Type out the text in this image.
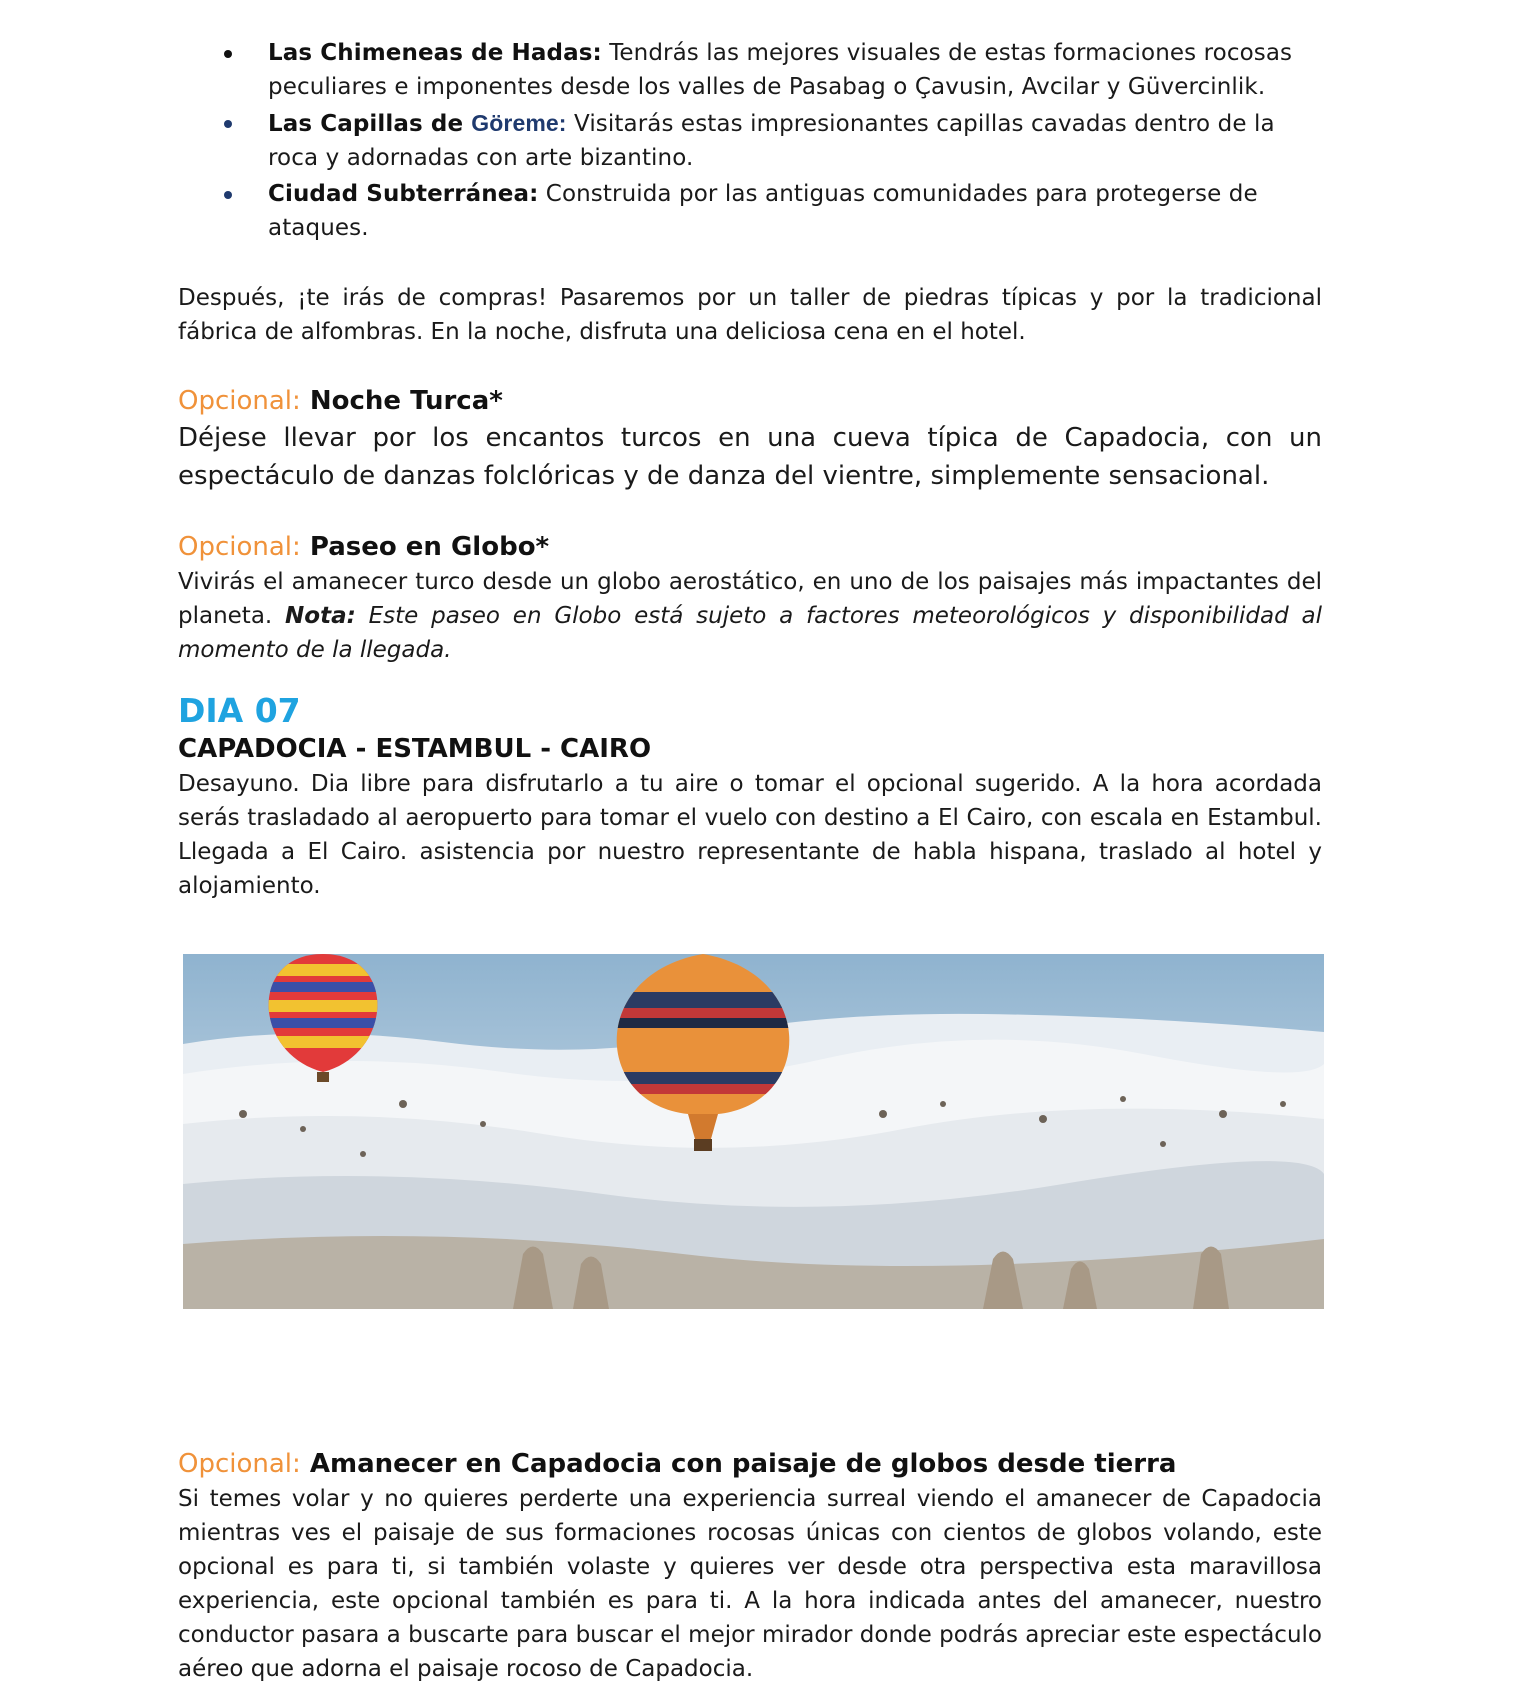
Las Chimeneas de Hadas: Tendrás las mejores visuales de estas formaciones rocosas peculiares e imponentes desde los valles de Pasabag o Çavusin, Avcilar y Güvercinlik.
Las Capillas de Göreme: Visitarás estas impresionantes capillas cavadas dentro de la roca y adornadas con arte bizantino.
Ciudad Subterránea: Construida por las antiguas comunidades para protegerse de ataques.

Después, ¡te irás de compras! Pasaremos por un taller de piedras típicas y por la tradicional fábrica de alfombras. En la noche, disfruta una deliciosa cena en el hotel.

Opcional: Noche Turca*

Déjese llevar por los encantos turcos en una cueva típica de Capadocia, con un espectáculo de danzas folclóricas y de danza del vientre, simplemente sensacional.

Opcional: Paseo en Globo*

Vivirás el amanecer turco desde un globo aerostático, en uno de los paisajes más impactantes del planeta. Nota: Este paseo en Globo está sujeto a factores meteorológicos y disponibilidad al momento de la llegada.

DIA 07
CAPADOCIA - ESTAMBUL - CAIRO

Desayuno. Dia libre para disfrutarlo a tu aire o tomar el opcional sugerido. A la hora acordada serás trasladado al aeropuerto para tomar el vuelo con destino a El Cairo, con escala en Estambul. Llegada a El Cairo. asistencia por nuestro representante de habla hispana, traslado al hotel y alojamiento.

Opcional: Amanecer en Capadocia con paisaje de globos desde tierra

Si temes volar y no quieres perderte una experiencia surreal viendo el amanecer de Capadocia mientras ves el paisaje de sus formaciones rocosas únicas con cientos de globos volando, este opcional es para ti, si también volaste y quieres ver desde otra perspectiva esta maravillosa experiencia, este opcional también es para ti. A la hora indicada antes del amanecer, nuestro conductor pasara a buscarte para buscar el mejor mirador donde podrás apreciar este espectáculo aéreo que adorna el paisaje rocoso de Capadocia.
